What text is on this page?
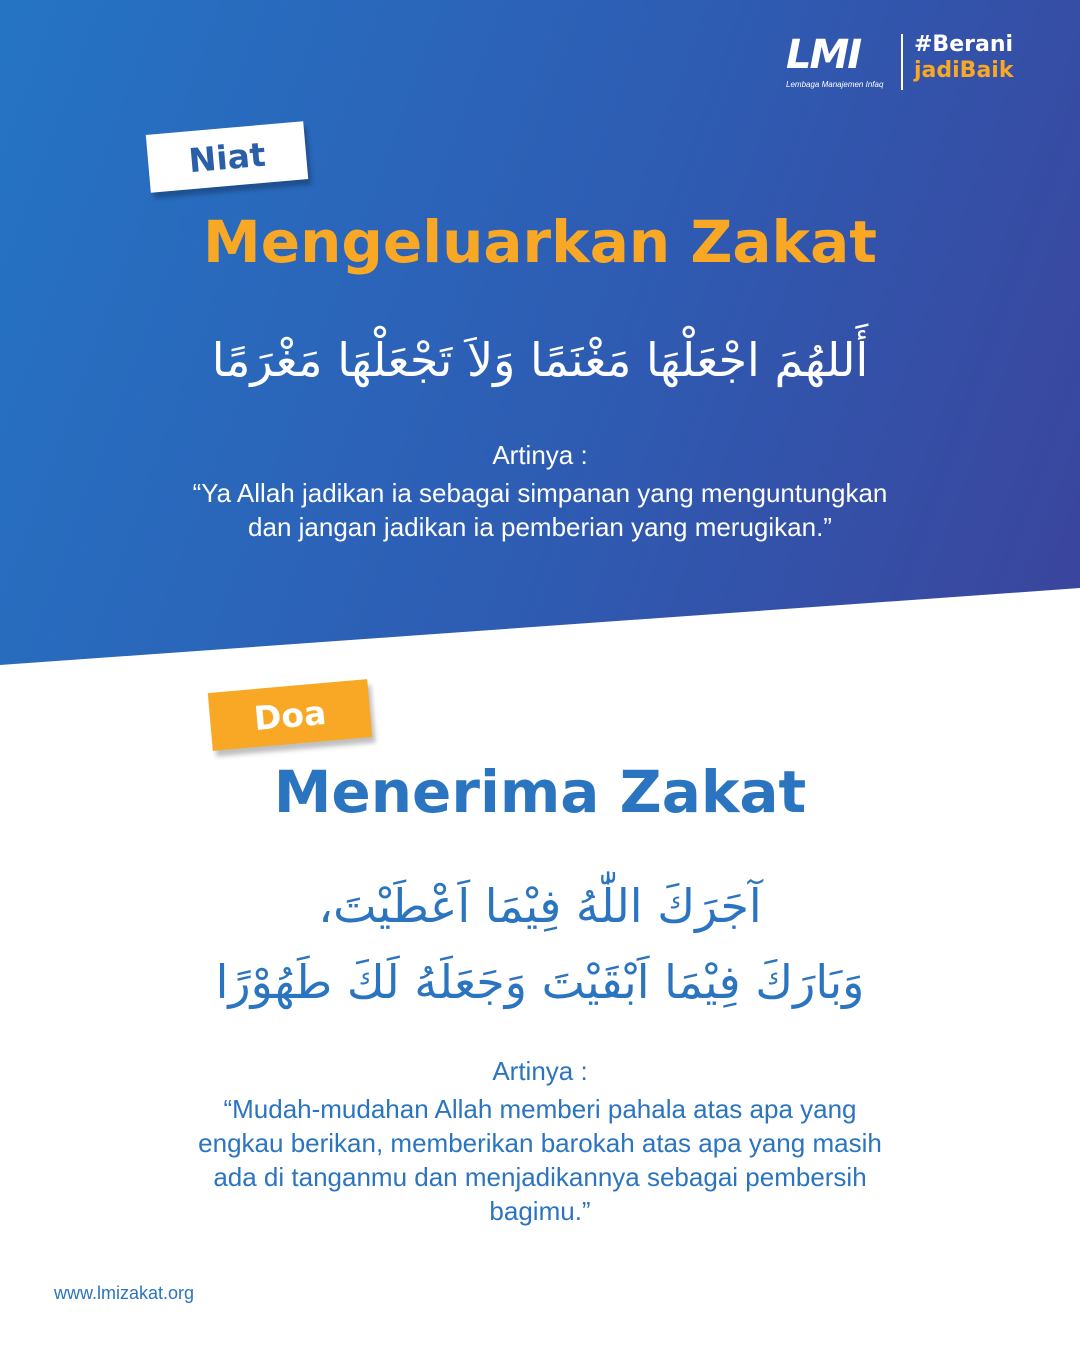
LMI
Lembaga Manajemen Infaq
#Berani
jadiBaik
Niat
Mengeluarkan Zakat
أَللهُمَ اجْعَلْهَا مَغْنَمًا وَلاَ تَجْعَلْهَا مَغْرَمًا
Artinya :
“Ya Allah jadikan ia sebagai simpanan yang menguntungkan
dan jangan jadikan ia pemberian yang merugikan.”
Doa
Menerima Zakat
آجَرَكَ اللّٰهُ فِيْمَا اَعْطَيْتَ،
وَبَارَكَ فِيْمَا اَبْقَيْتَ وَجَعَلَهُ لَكَ طَهُوْرًا
Artinya :
“Mudah-mudahan Allah memberi pahala atas apa yang
engkau berikan, memberikan barokah atas apa yang masih
ada di tanganmu dan menjadikannya sebagai pembersih
bagimu.”
www.lmizakat.org
